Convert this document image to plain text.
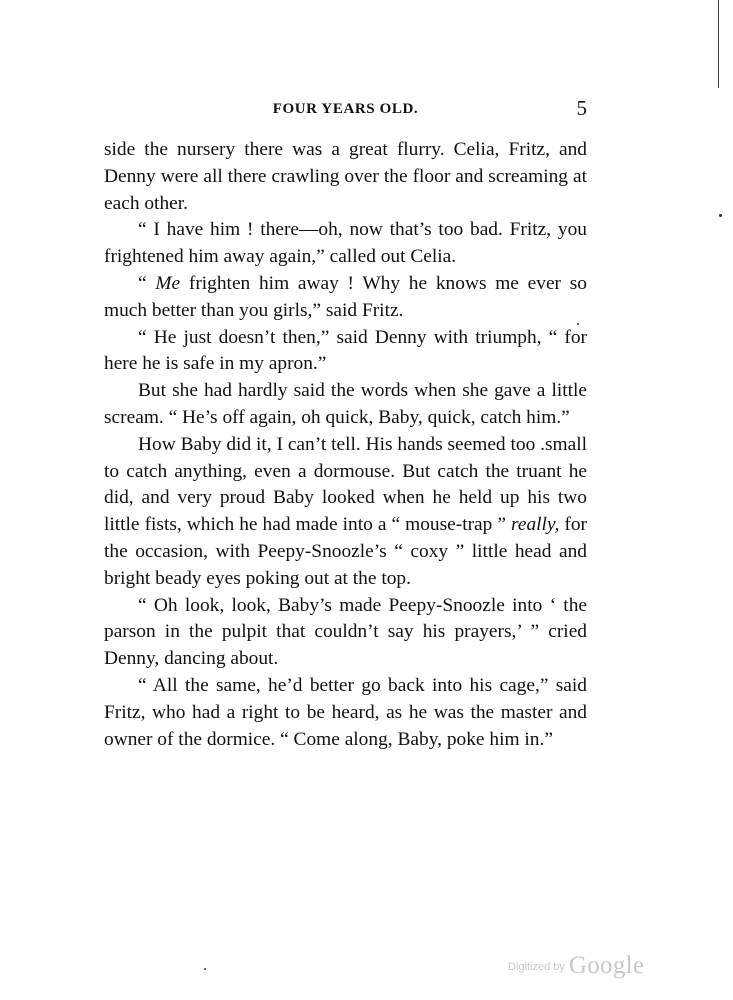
FOUR YEARS OLD.	5

side the nursery there was a great flurry. Celia, Fritz, and Denny were all there crawling over the floor and screaming at each other.

“ I have him ! there—oh, now that’s too bad. Fritz, you frightened him away again,” called out Celia.

“ Me frighten him away ! Why he knows me ever so much better than you girls,” said Fritz.

“ He just doesn’t then,” said Denny with triumph, “ for here he is safe in my apron.”

But she had hardly said the words when she gave a little scream. “ He’s off again, oh quick, Baby, quick, catch him.”

How Baby did it, I can’t tell. His hands seemed too .small to catch anything, even a dormouse. But catch the truant he did, and very proud Baby looked when he held up his two little fists, which he had made into a “ mouse-trap ” really, for the occasion, with Peepy-Snoozle’s “ coxy ” little head and bright beady eyes poking out at the top.

“ Oh look, look, Baby’s made Peepy-Snoozle into ‘ the parson in the pulpit that couldn’t say his prayers,’ ” cried Denny, dancing about.

“ All the same, he’d better go back into his cage,” said Fritz, who had a right to be heard, as he was the master and owner of the dormice. “ Come along, Baby, poke him in.”

Digitized by Google
